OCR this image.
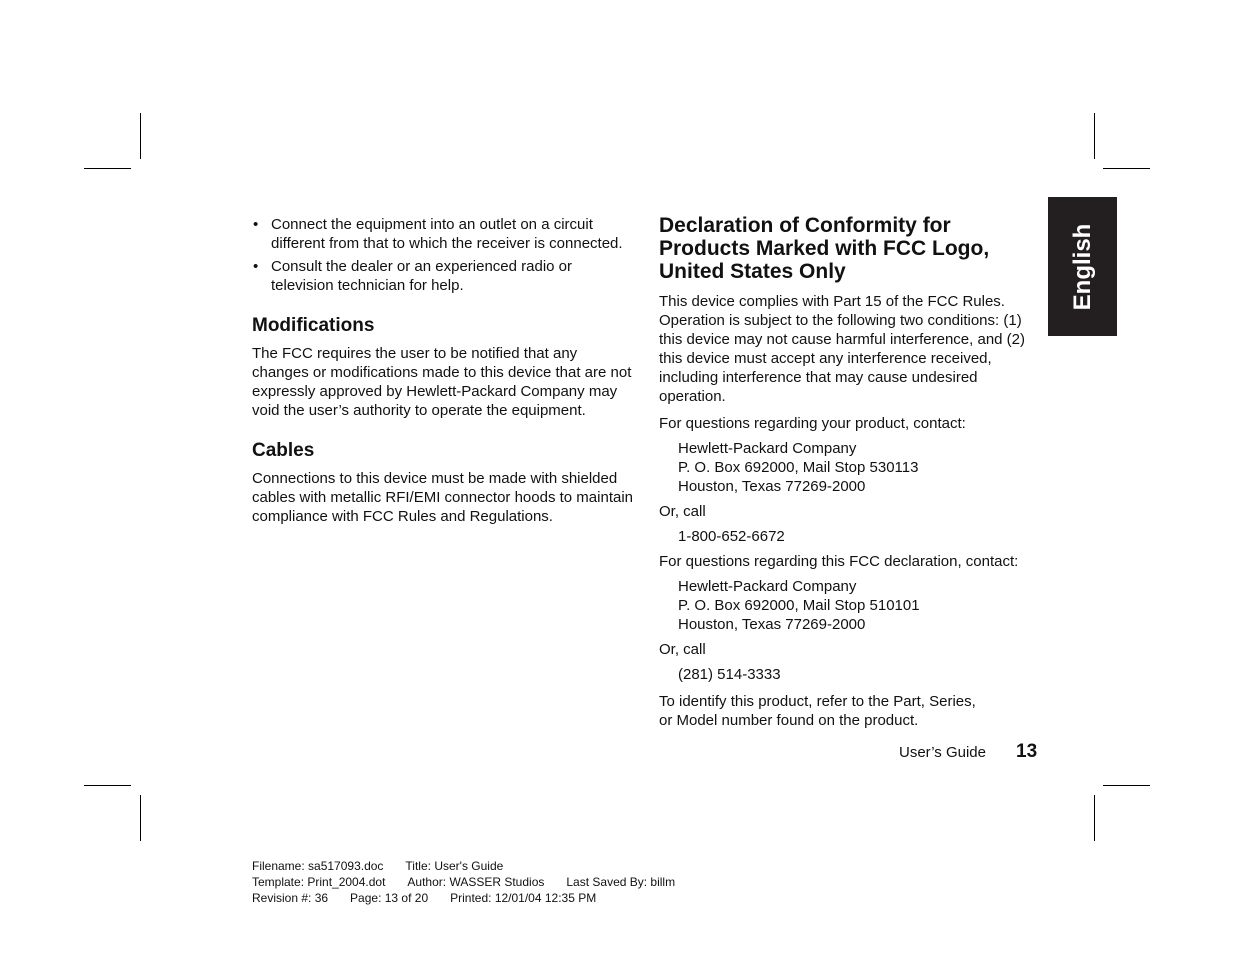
• Connect the equipment into an outlet on a circuit different from that to which the receiver is connected.
• Consult the dealer or an experienced radio or television technician for help.
Modifications

The FCC requires the user to be notified that any changes or modifications made to this device that are not expressly approved by Hewlett-Packard Company may void the user’s authority to operate the equipment.

Cables

Connections to this device must be made with shielded cables with metallic RFI/EMI connector hoods to maintain compliance with FCC Rules and Regulations.

Declaration of Conformity for Products Marked with FCC Logo, United States Only

This device complies with Part 15 of the FCC Rules. Operation is subject to the following two conditions: (1) this device may not cause harmful interference, and (2) this device must accept any interference received, including interference that may cause undesired operation.

For questions regarding your product, contact:

Hewlett-Packard Company

P. O. Box 692000, Mail Stop 530113

Houston, Texas 77269-2000

Or, call

1-800-652-6672

For questions regarding this FCC declaration, contact:

Hewlett-Packard Company

P. O. Box 692000, Mail Stop 510101

Houston, Texas 77269-2000

Or, call

(281) 514-3333

To identify this product, refer to the Part, Series, or Model number found on the product.

English
User’s Guide 13
Filename: sa517093.doc Title: User's Guide
Template: Print_2004.dot Author: WASSER Studios Last Saved By: billm
Revision #: 36 Page: 13 of 20 Printed: 12/01/04 12:35 PM
